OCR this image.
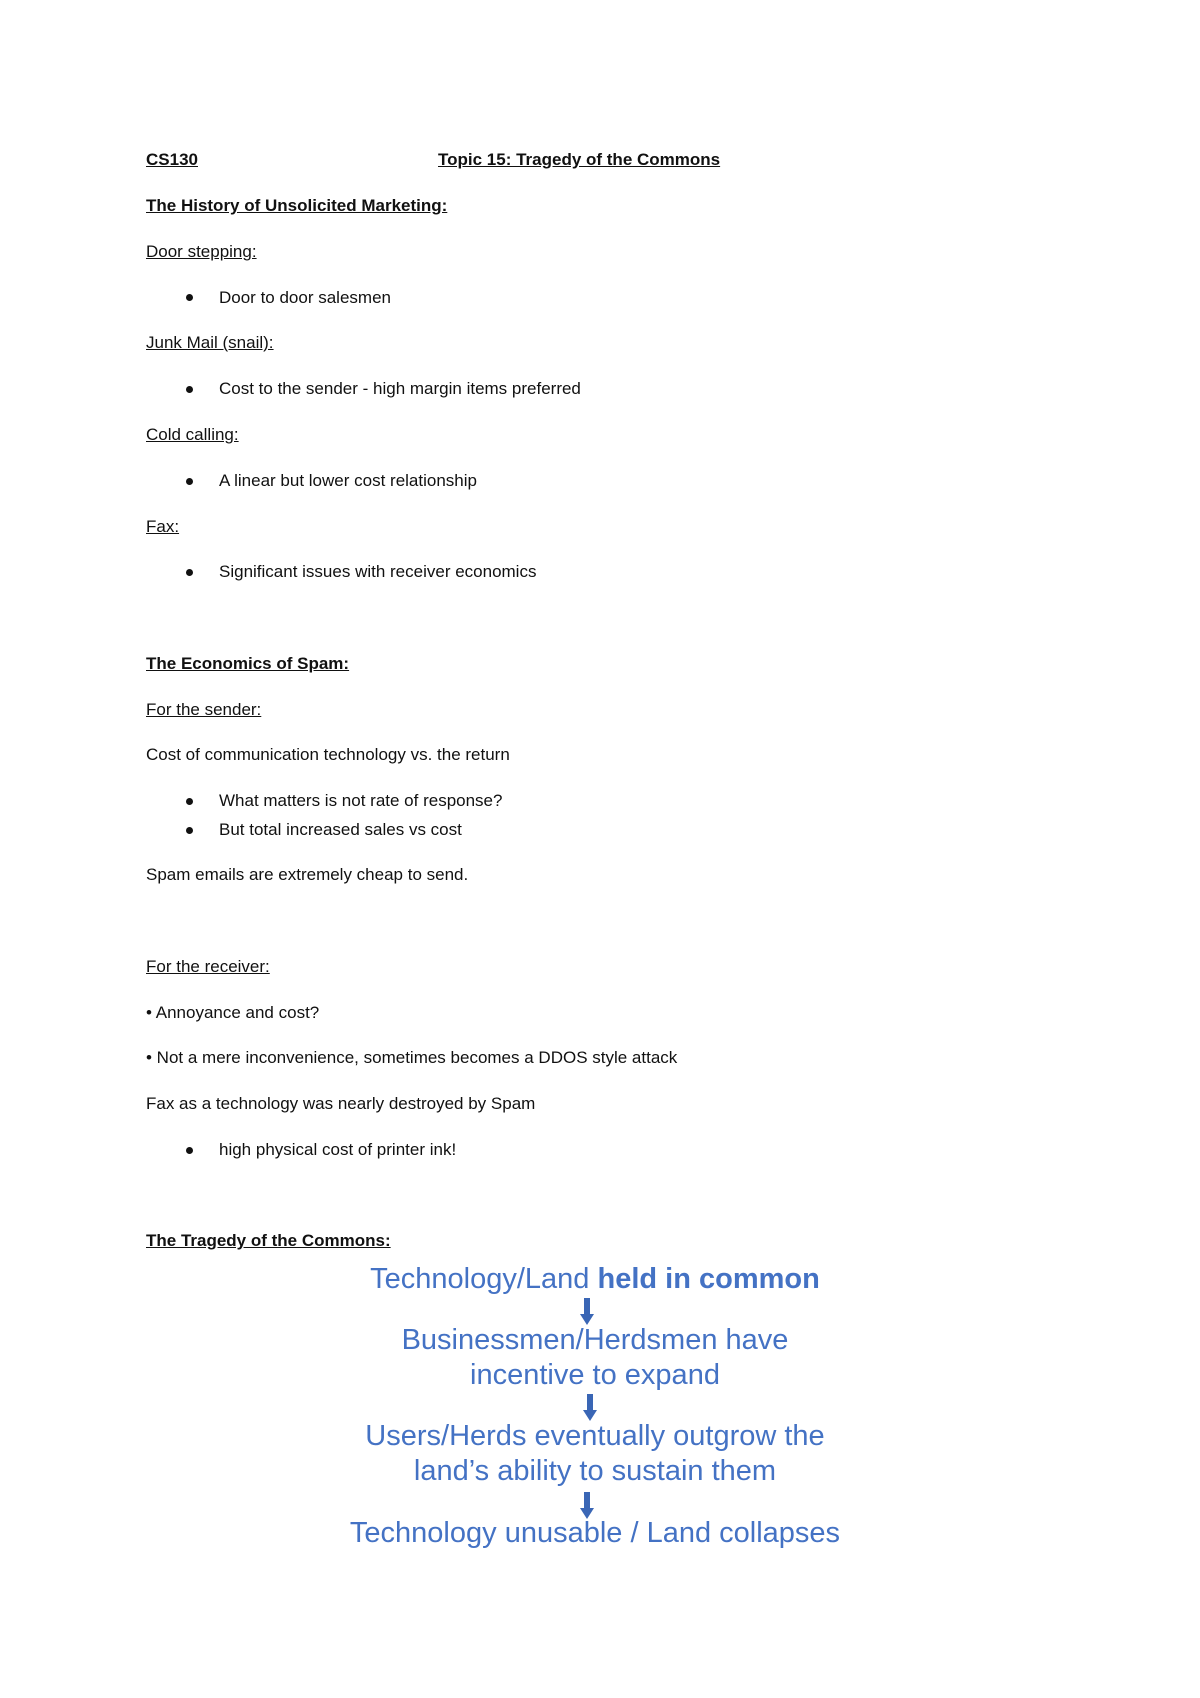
CS130	Topic 15: Tragedy of the Commons
The History of Unsolicited Marketing:
Door stepping:
Door to door salesmen
Junk Mail (snail):
Cost to the sender - high margin items preferred
Cold calling:
A linear but lower cost relationship
Fax:
Significant issues with receiver economics
The Economics of Spam:
For the sender:
Cost of communication technology vs. the return
What matters is not rate of response?
But total increased sales vs cost
Spam emails are extremely cheap to send.
For the receiver:
• Annoyance and cost?
• Not a mere inconvenience, sometimes becomes a DDOS style attack
Fax as a technology was nearly destroyed by Spam
high physical cost of printer ink!
The Tragedy of the Commons:
Technology/Land held in common
Businessmen/Herdsmen have
incentive to expand
Users/Herds eventually outgrow the
land’s ability to sustain them
Technology unusable / Land collapses
